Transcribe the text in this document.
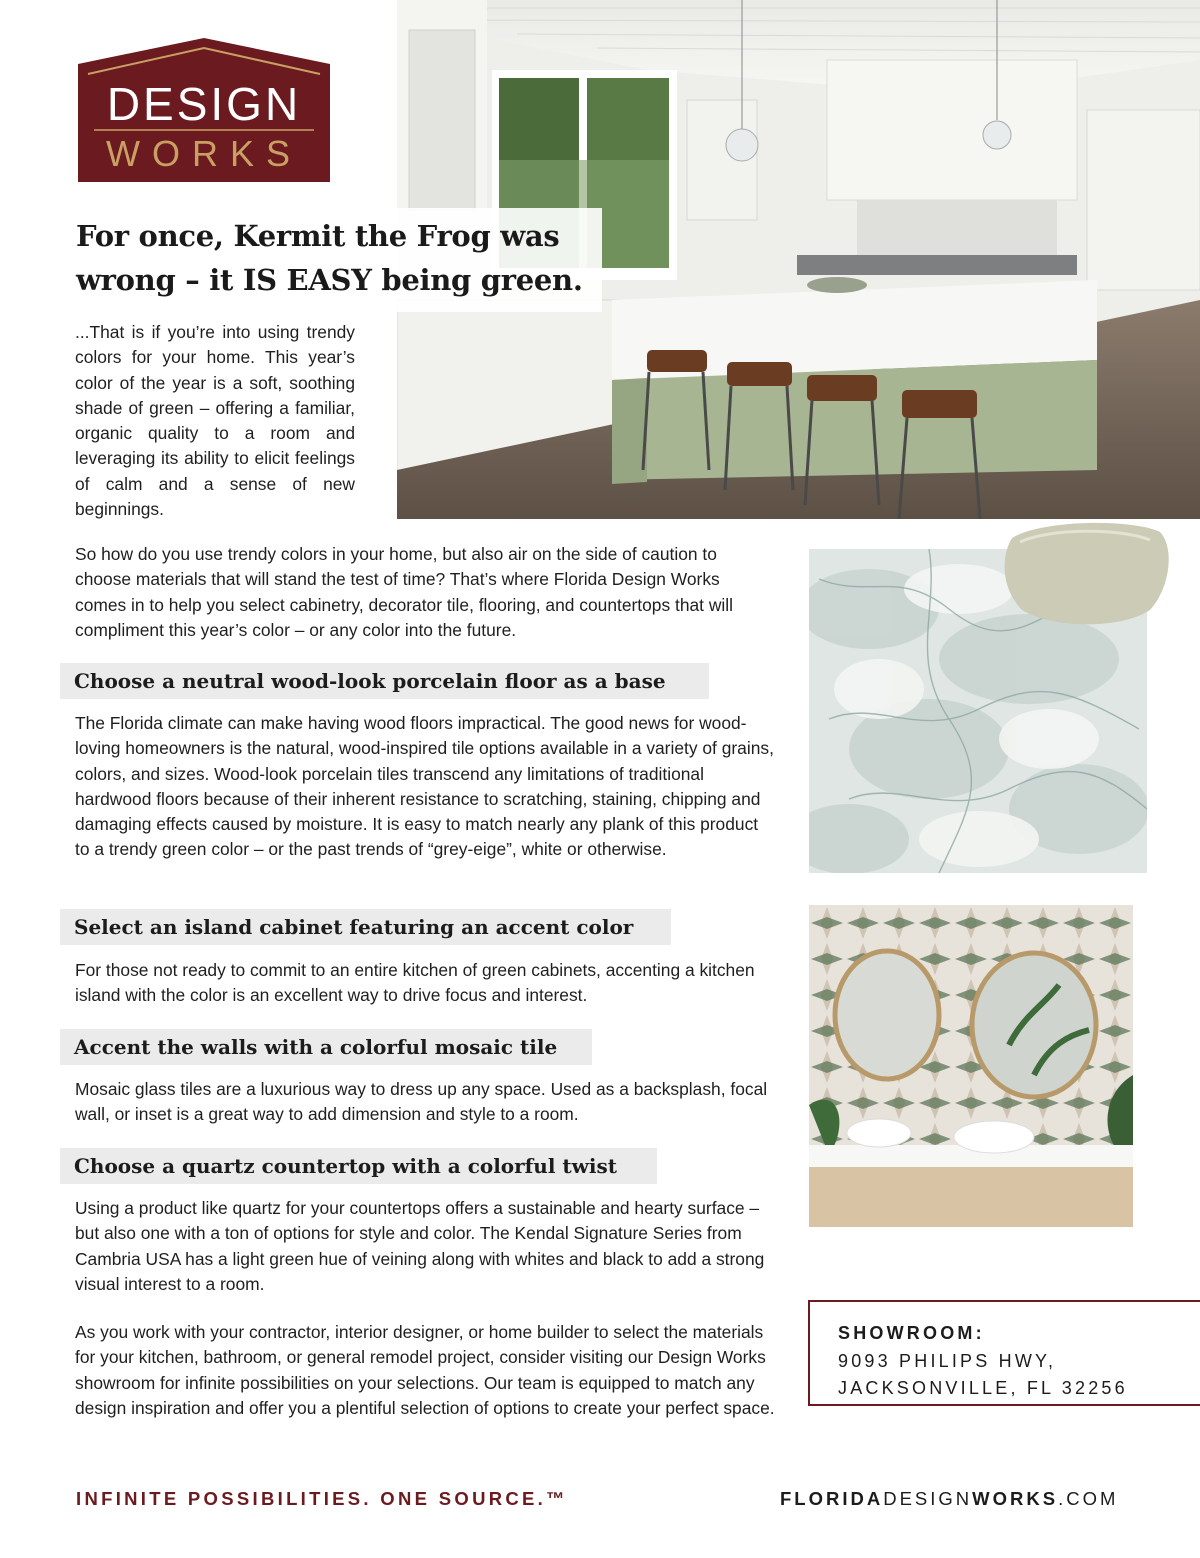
DESIGN
WORKS
For once, Kermit the Frog was
wrong – it IS EASY being green.

...That is if you’re into using trendy colors for your home. This year’s color of the year is a soft, soothing shade of green – offering a familiar, organic quality to a room and leveraging its ability to elicit feelings of calm and a sense of new beginnings.

So how do you use trendy colors in your home, but also air on the side of caution to choose materials that will stand the test of time? That’s where Florida Design Works comes in to help you select cabinetry, decorator tile, flooring, and countertops that will compliment this year’s color – or any color into the future.

Choose a neutral wood-look porcelain floor as a base

The Florida climate can make having wood floors impractical. The good news for wood-loving homeowners is the natural, wood-inspired tile options available in a variety of grains, colors, and sizes. Wood-look porcelain tiles transcend any limitations of traditional hardwood floors because of their inherent resistance to scratching, staining, chipping and damaging effects caused by moisture. It is easy to match nearly any plank of this product to a trendy green color – or the past trends of “grey-eige”, white or otherwise.

Select an island cabinet featuring an accent color

For those not ready to commit to an entire kitchen of green cabinets, accenting a kitchen island with the color is an excellent way to drive focus and interest.

Accent the walls with a colorful mosaic tile

Mosaic glass tiles are a luxurious way to dress up any space. Used as a backsplash, focal wall, or inset is a great way to add dimension and style to a room.

Choose a quartz countertop with a colorful twist

Using a product like quartz for your countertops offers a sustainable and hearty surface – but also one with a ton of options for style and color. The Kendal Signature Series from Cambria USA has a light green hue of veining along with whites and black to add a strong visual interest to a room.

As you work with your contractor, interior designer, or home builder to select the materials for your kitchen, bathroom, or general remodel project, consider visiting our Design Works showroom for infinite possibilities on your selections. Our team is equipped to match any design inspiration and offer you a plentiful selection of options to create your perfect space.

SHOWROOM:
9093 PHILIPS HWY,
JACKSONVILLE, FL 32256
INFINITE POSSIBILITIES. ONE SOURCE.™	FLORIDADESIGNWORKS.COM
